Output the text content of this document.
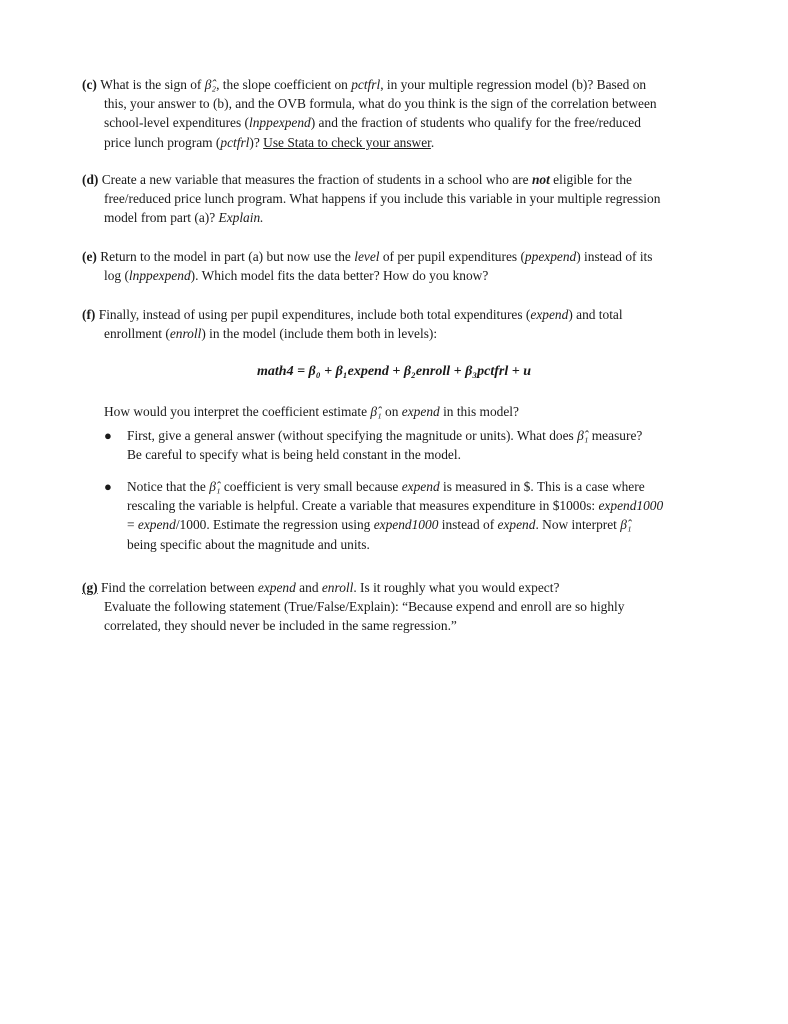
(c) What is the sign of β̂₂, the slope coefficient on pctfrl, in your multiple regression model (b)? Based on
this, your answer to (b), and the OVB formula, what do you think is the sign of the correlation between
school-level expenditures (lnppexpend) and the fraction of students who qualify for the free/reduced
price lunch program (pctfrl)? Use Stata to check your answer.
(d) Create a new variable that measures the fraction of students in a school who are not eligible for the
free/reduced price lunch program. What happens if you include this variable in your multiple regression
model from part (a)? Explain.
(e) Return to the model in part (a) but now use the level of per pupil expenditures (ppexpend) instead of its
log (lnppexpend). Which model fits the data better? How do you know?
(f) Finally, instead of using per pupil expenditures, include both total expenditures (expend) and total
enrollment (enroll) in the model (include them both in levels):
math4 = β₀ + β₁expend + β₂enroll + β₃pctfrl + u
How would you interpret the coefficient estimate β̂₁ on expend in this model?
●	First, give a general answer (without specifying the magnitude or units). What does β̂₁ measure?
Be careful to specify what is being held constant in the model.
●	Notice that the β̂₁ coefficient is very small because expend is measured in $. This is a case where
rescaling the variable is helpful. Create a variable that measures expenditure in $1000s: expend1000
= expend/1000. Estimate the regression using expend1000 instead of expend. Now interpret β̂₁
being specific about the magnitude and units.
(g) Find the correlation between expend and enroll. Is it roughly what you would expect?
Evaluate the following statement (True/False/Explain): “Because expend and enroll are so highly
correlated, they should never be included in the same regression.”
